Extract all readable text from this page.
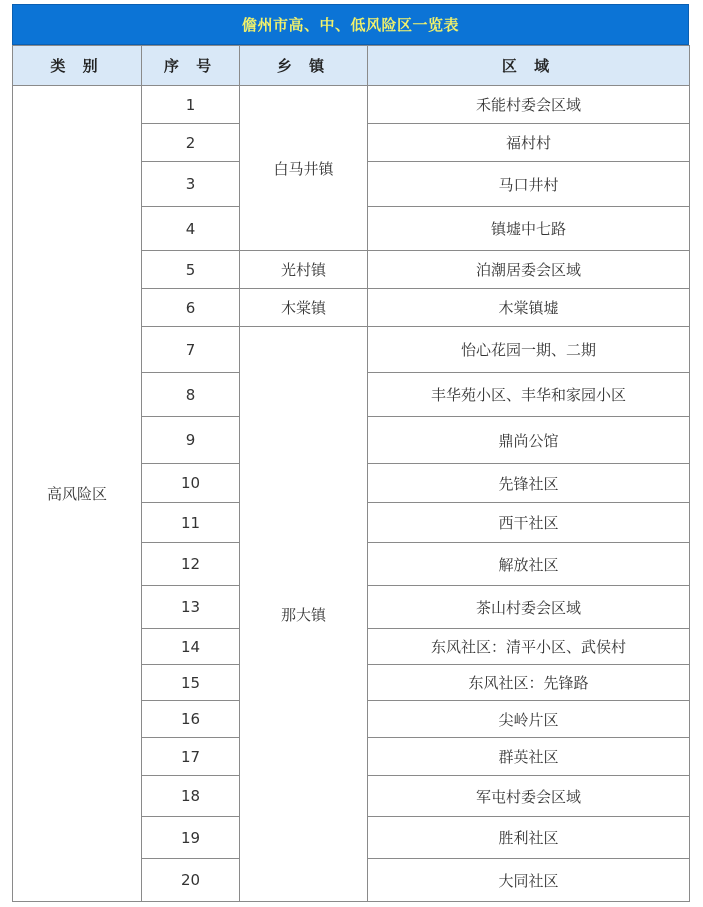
儋州市高、中、低风险区一览表
类 别	序 号	乡 镇	区 域
高风险区	1	白马井镇	禾能村委会区域
	2		福村村
	3		马口井村
	4		镇墟中七路
	5	光村镇	泊潮居委会区域
	6	木棠镇	木棠镇墟
	7	那大镇	怡心花园一期、二期
	8		丰华苑小区、丰华和家园小区
	9		鼎尚公馆
	10		先锋社区
	11		西干社区
	12		解放社区
	13		茶山村委会区域
	14		东风社区：清平小区、武侯村
	15		东风社区：先锋路
	16		尖岭片区
	17		群英社区
	18		军屯村委会区域
	19		胜利社区
	20		大同社区
